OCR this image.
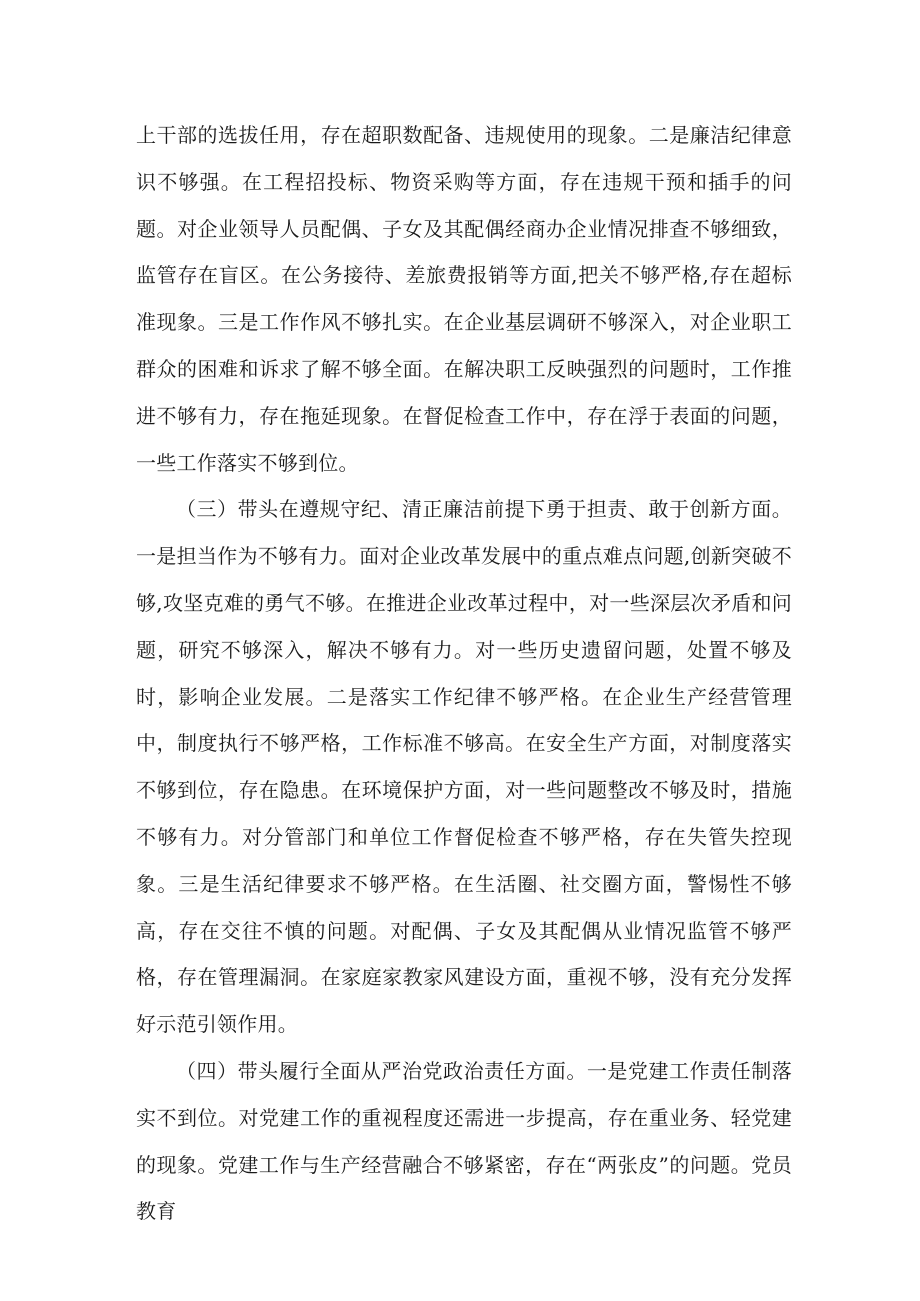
上干部的选拔任用，存在超职数配备、违规使用的现象。二是廉洁纪律意识不够强。在工程招投标、物资采购等方面，存在违规干预和插手的问题。对企业领导人员配偶、子女及其配偶经商办企业情况排查不够细致，监管存在盲区。在公务接待、差旅费报销等方面,把关不够严格,存在超标准现象。三是工作作风不够扎实。在企业基层调研不够深入，对企业职工群众的困难和诉求了解不够全面。在解决职工反映强烈的问题时，工作推进不够有力，存在拖延现象。在督促检查工作中，存在浮于表面的问题，一些工作落实不够到位。

（三）带头在遵规守纪、清正廉洁前提下勇于担责、敢于创新方面。一是担当作为不够有力。面对企业改革发展中的重点难点问题,创新突破不够,攻坚克难的勇气不够。在推进企业改革过程中，对一些深层次矛盾和问题，研究不够深入，解决不够有力。对一些历史遗留问题，处置不够及时，影响企业发展。二是落实工作纪律不够严格。在企业生产经营管理中，制度执行不够严格，工作标准不够高。在安全生产方面，对制度落实不够到位，存在隐患。在环境保护方面，对一些问题整改不够及时，措施不够有力。对分管部门和单位工作督促检查不够严格，存在失管失控现象。三是生活纪律要求不够严格。在生活圈、社交圈方面，警惕性不够高，存在交往不慎的问题。对配偶、子女及其配偶从业情况监管不够严格，存在管理漏洞。在家庭家教家风建设方面，重视不够，没有充分发挥好示范引领作用。

（四）带头履行全面从严治党政治责任方面。一是党建工作责任制落实不到位。对党建工作的重视程度还需进一步提高，存在重业务、轻党建的现象。党建工作与生产经营融合不够紧密，存在“两张皮”的问题。党员教育
